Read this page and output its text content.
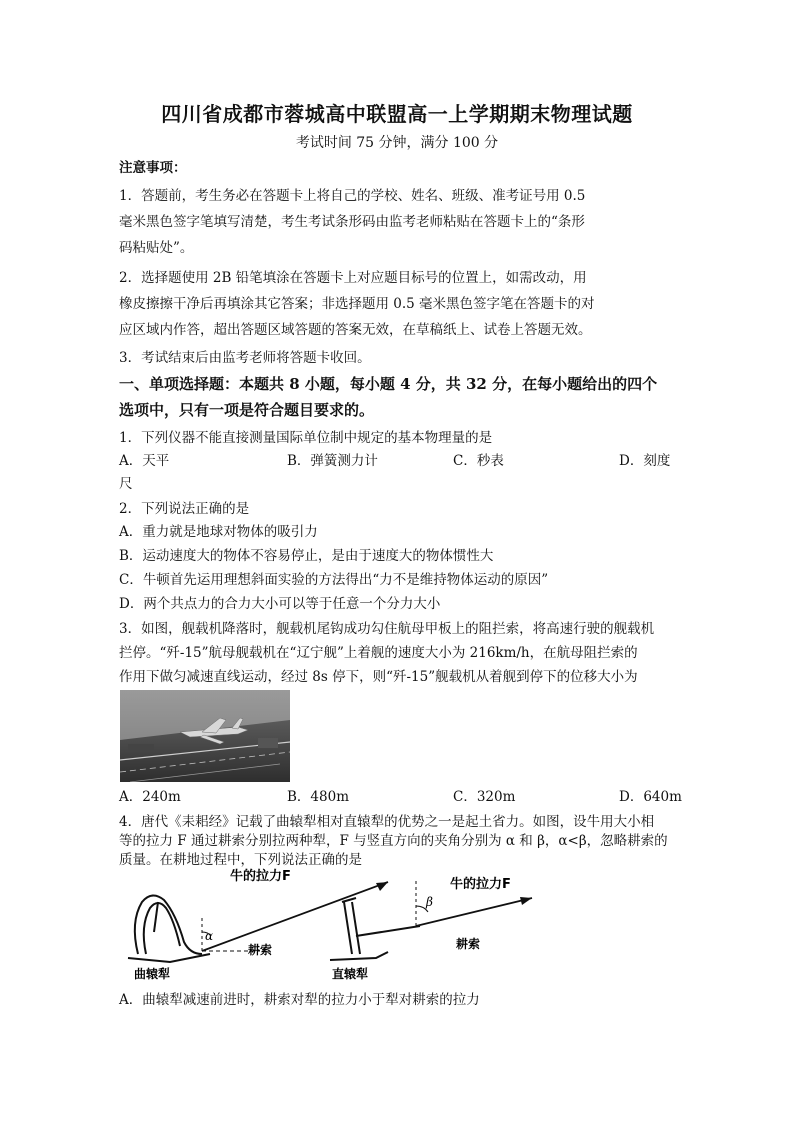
四川省成都市蓉城高中联盟高一上学期期末物理试题
考试时间 75 分钟，满分 100 分
注意事项：
1．答题前，考生务必在答题卡上将自己的学校、姓名、班级、准考证号用 0.5
毫米黑色签字笔填写清楚，考生考试条形码由监考老师粘贴在答题卡上的“条形
码粘贴处”。
2．选择题使用 2B 铅笔填涂在答题卡上对应题目标号的位置上，如需改动，用
橡皮擦擦干净后再填涂其它答案；非选择题用 0.5 毫米黑色签字笔在答题卡的对
应区域内作答，超出答题区域答题的答案无效，在草稿纸上、试卷上答题无效。
3．考试结束后由监考老师将答题卡收回。
一、单项选择题：本题共 8 小题，每小题 4 分，共 32 分，在每小题给出的四个
选项中，只有一项是符合题目要求的。
1．下列仪器不能直接测量国际单位制中规定的基本物理量的是
A．天平	B．弹簧测力计	C．秒表	D．刻度
尺
2．下列说法正确的是
A．重力就是地球对物体的吸引力
B．运动速度大的物体不容易停止，是由于速度大的物体惯性大
C．牛顿首先运用理想斜面实验的方法得出“力不是维持物体运动的原因”
D．两个共点力的合力大小可以等于任意一个分力大小
3．如图，舰载机降落时，舰载机尾钩成功勾住航母甲板上的阻拦索，将高速行驶的舰载机
拦停。“歼-15”航母舰载机在“辽宁舰”上着舰的速度大小为 216km/h，在航母阻拦索的
作用下做匀减速直线运动，经过 8s 停下，则“歼-15”舰载机从着舰到停下的位移大小为
A．240m	B．480m	C．320m	D．640m
4．唐代《耒耜经》记载了曲辕犁相对直辕犁的优势之一是起土省力。如图，设牛用大小相
等的拉力 F 通过耕索分别拉两种犁，F 与竖直方向的夹角分别为 α 和 β，α<β，忽略耕索的
质量。在耕地过程中，下列说法正确的是
α
牛的拉力F
耕索
曲辕犁
β
牛的拉力F
耕索
直辕犁
A．曲辕犁减速前进时，耕索对犁的拉力小于犁对耕索的拉力
